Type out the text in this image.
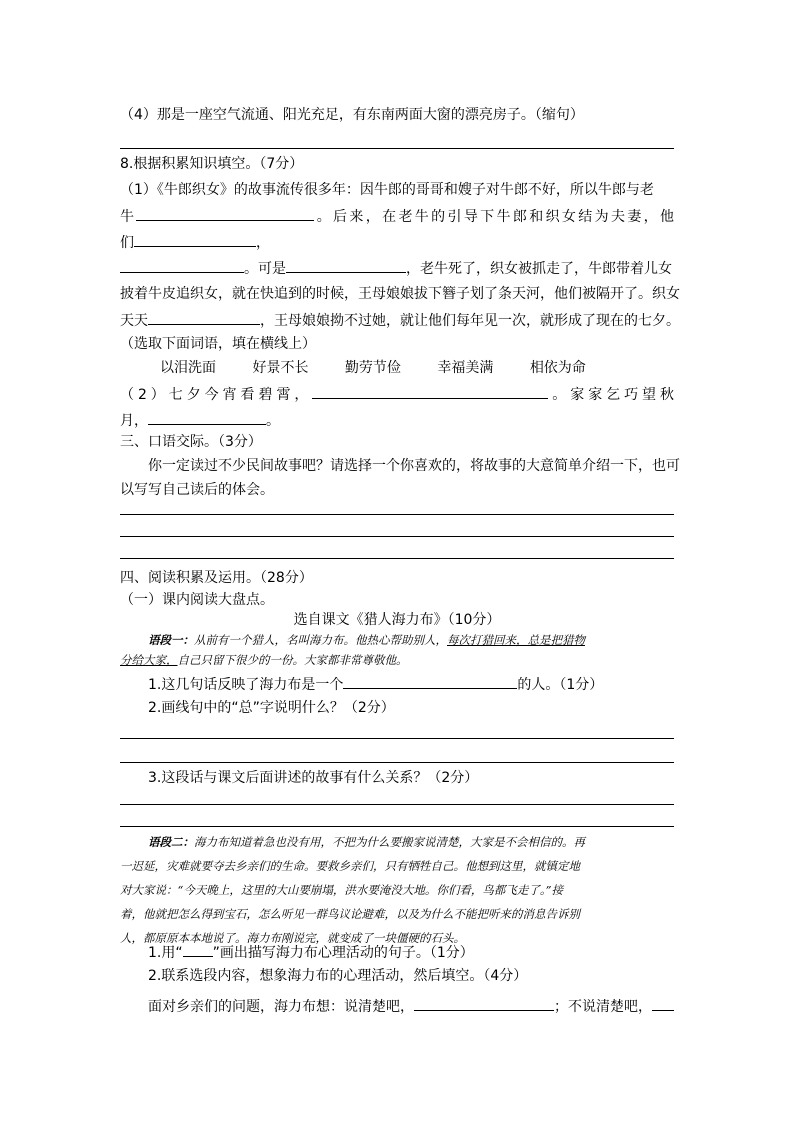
（4）那是一座空气流通、阳光充足，有东南两面大窗的漂亮房子。（缩句）
8.根据积累知识填空。（7分）
（1）《牛郎织女》的故事流传很多年：因牛郎的哥哥和嫂子对牛郎不好，所以牛郎与老
牛	。后来，在老牛的引导下牛郎和织女结为夫妻，他
们	，
。可是	，老牛死了，织女被抓走了，牛郎带着儿女
披着牛皮追织女，就在快追到的时候，王母娘娘拔下簪子划了条天河，他们被隔开了。织女
天天	，王母娘娘拗不过她，就让他们每年见一次，就形成了现在的七夕。
（选取下面词语，填在横线上）
以泪洗面	好景不长	勤劳节俭	幸福美满	相依为命
（2）七夕今宵看碧霄，	。家家乞巧望秋
月，	。
三、口语交际。（3分）
你一定读过不少民间故事吧？请选择一个你喜欢的，将故事的大意简单介绍一下，也可
以写写自己读后的体会。
四、阅读积累及运用。（28分）
（一）课内阅读大盘点。
选自课文《猎人海力布》（10分）
语段一：从前有一个猎人，名叫海力布。他热心帮助别人，每次打猎回来，总是把猎物
分给大家，自己只留下很少的一份。大家都非常尊敬他。
1.这几句话反映了海力布是一个	的人。（1分）
2.画线句中的“总”字说明什么？（2分）
3.这段话与课文后面讲述的故事有什么关系？（2分）
语段二：海力布知道着急也没有用，不把为什么要搬家说清楚，大家是不会相信的。再
一迟延，灾难就要夺去乡亲们的生命。要救乡亲们，只有牺牲自己。他想到这里，就镇定地
对大家说：“今天晚上，这里的大山要崩塌，洪水要淹没大地。你们看，鸟都飞走了。”接
着，他就把怎么得到宝石，怎么听见一群鸟议论避难，以及为什么不能把听来的消息告诉别
人，都原原本本地说了。海力布刚说完，就变成了一块僵硬的石头。
1.用“ ”画出描写海力布心理活动的句子。（1分）
2.联系选段内容，想象海力布的心理活动，然后填空。（4分）
面对乡亲们的问题，海力布想：说清楚吧，	；不说清楚吧，
